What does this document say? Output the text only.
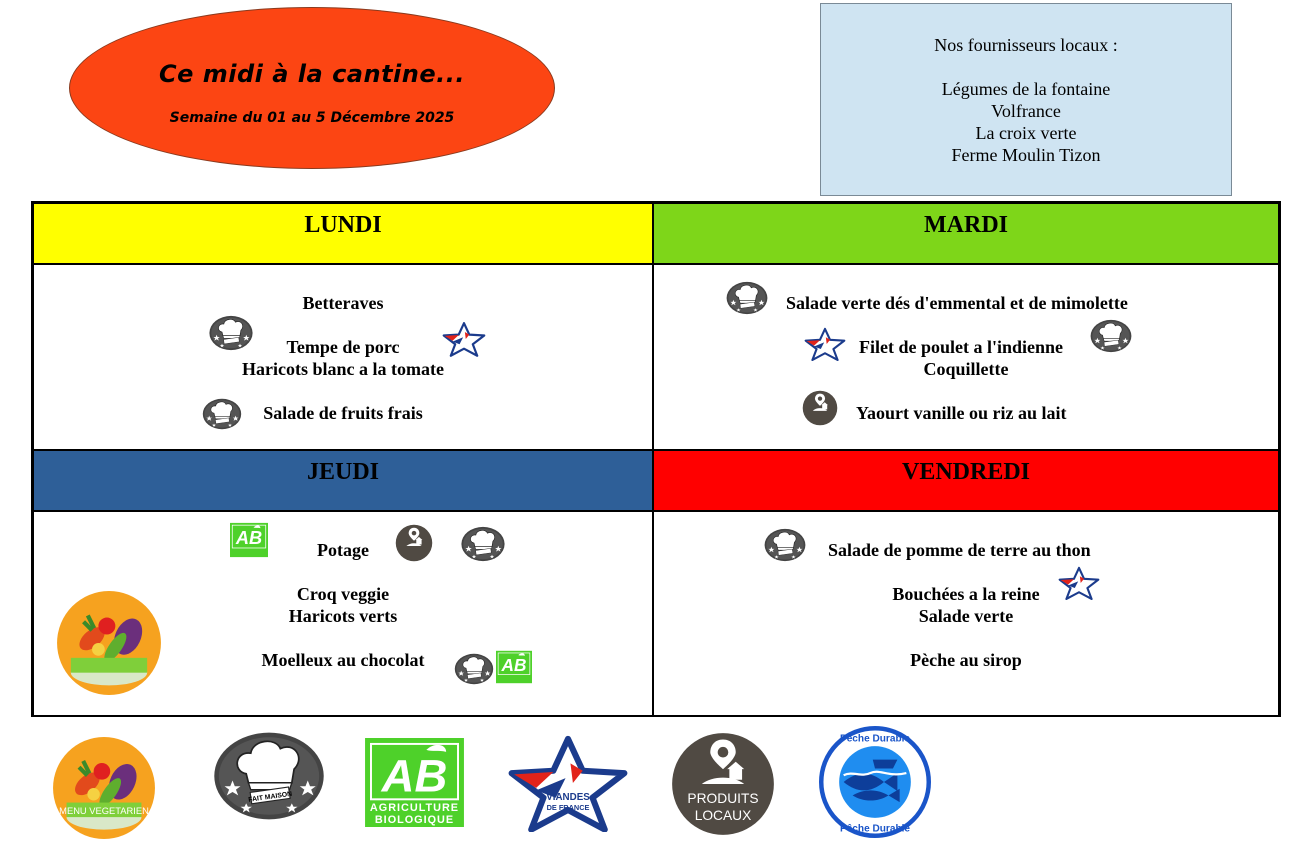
Ce midi à la cantine...
Semaine du 01 au 5 Décembre 2025
Nos fournisseurs locaux :
Légumes de la fontaine
Volfrance
La croix verte
Ferme Moulin Tizon
LUNDI	MARDI
Betteraves
Tempe de porc
Haricots blanc a la tomate
Salade de fruits frais
Salade verte dés d'emmental et de mimolette
Filet de poulet a l'indienne
Coquillette
Yaourt vanille ou riz au lait
JEUDI	VENDREDI
Potage
Croq veggie
Haricots verts
Moelleux au chocolat
Salade de pomme de terre au thon
Bouchées a la reine
Salade verte
Pèche au sirop
MENU VEGETARIEN
FAIT MAISON AB
AGRICULTURE
BIOLOGIQUE
VIANDES
DE FRANCE
PRODUITS
LOCAUX
Pêche Durable
Pêche Durable
